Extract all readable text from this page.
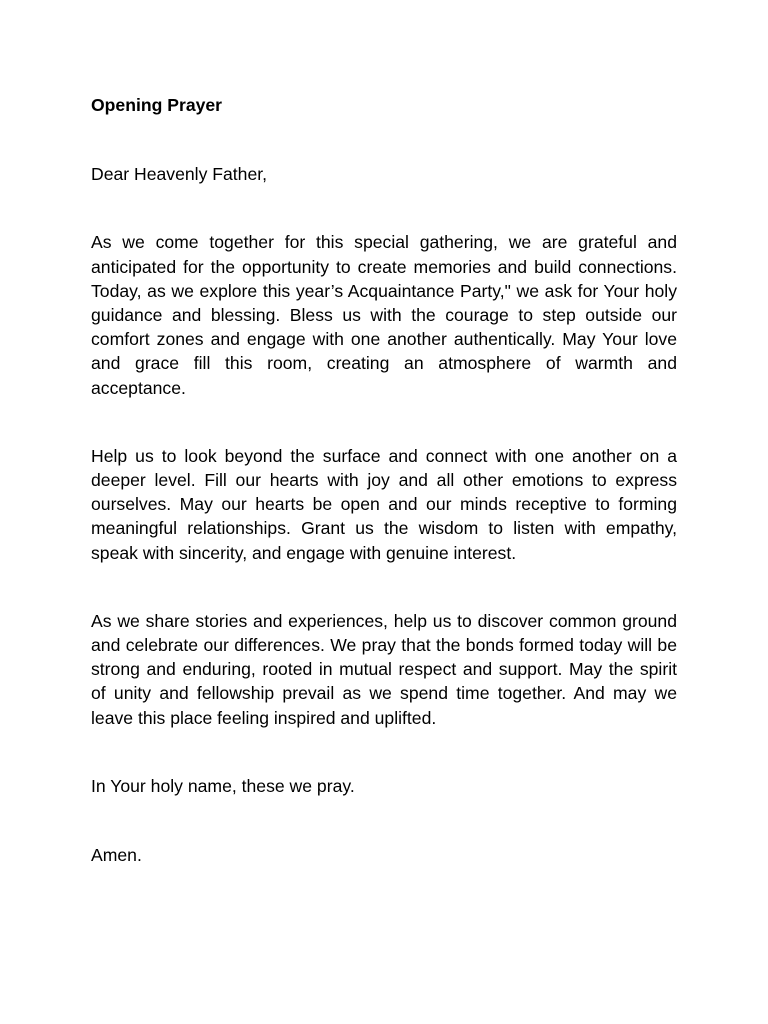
Opening Prayer
Dear Heavenly Father,
As we come together for this special gathering, we are grateful and anticipated for the opportunity to create memories and build connections. Today, as we explore this year’s Acquaintance Party," we ask for Your holy guidance and blessing. Bless us with the courage to step outside our comfort zones and engage with one another authentically. May Your love and grace fill this room, creating an atmosphere of warmth and acceptance.
Help us to look beyond the surface and connect with one another on a deeper level. Fill our hearts with joy and all other emotions to express ourselves. May our hearts be open and our minds receptive to forming meaningful relationships. Grant us the wisdom to listen with empathy, speak with sincerity, and engage with genuine interest.
As we share stories and experiences, help us to discover common ground and celebrate our differences. We pray that the bonds formed today will be strong and enduring, rooted in mutual respect and support. May the spirit of unity and fellowship prevail as we spend time together. And may we leave this place feeling inspired and uplifted.
In Your holy name, these we pray.
Amen.
